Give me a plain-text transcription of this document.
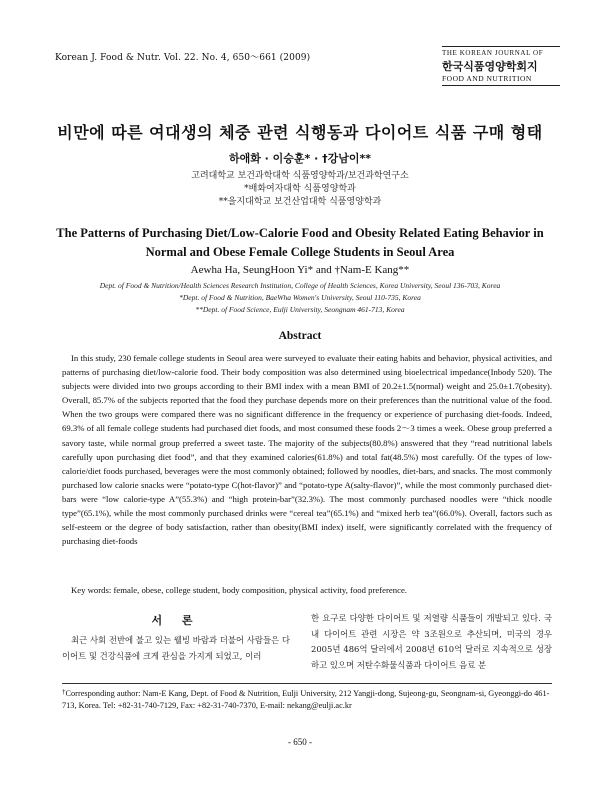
Korean J. Food & Nutr. Vol. 22. No. 4, 650～661 (2009)	THE KOREAN JOURNAL OF
한국식품영양학회지
FOOD AND NUTRITION
비만에 따른 여대생의 체중 관련 식행동과 다이어트 식품 구매 형태
하애화 · 이승훈* · †강남이**
고려대학교 보건과학대학 식품영양학과/보건과학연구소
*배화여자대학 식품영양학과
**을지대학교 보건산업대학 식품영양학과
The Patterns of Purchasing Diet/Low-Calorie Food and Obesity Related Eating Behavior in Normal and Obese Female College Students in Seoul Area
Aewha Ha, SeungHoon Yi* and †Nam-E Kang**
Dept. of Food & Nutrition/Health Sciences Research Institution, College of Health Sciences, Korea University, Seoul 136-703, Korea
*Dept. of Food & Nutrition, BaeWha Women's University, Seoul 110-735, Korea
**Dept. of Food Science, Eulji University, Seongnam 461-713, Korea
Abstract

In this study, 230 female college students in Seoul area were surveyed to evaluate their eating habits and behavior, physical activities, and patterns of purchasing diet/low-calorie food. Their body composition was also determined using bioelectrical impedance(Inbody 520). The subjects were divided into two groups according to their BMI index with a mean BMI of 20.2±1.5(normal) weight and 25.0±1.7(obesity). Overall, 85.7% of the subjects reported that the food they purchase depends more on their preferences than the nutritional value of the food. When the two groups were compared there was no significant difference in the frequency or experience of purchasing diet-foods. Indeed, 69.3% of all female college students had purchased diet foods, and most consumed these foods 2～3 times a week. Obese group preferred a savory taste, while normal group preferred a sweet taste. The majority of the subjects(80.8%) answered that they “read nutritional labels carefully upon purchasing diet food”, and that they examined calories(61.8%) and total fat(48.5%) most carefully. Of the types of low-calorie/diet foods purchased, beverages were the most commonly obtained; followed by noodles, diet-bars, and snacks. The most commonly purchased low calorie snacks were “potato-type C(hot-flavor)” and “potato-type A(salty-flavor)”, while the most commonly purchased diet-bars were “low calorie-type A”(55.3%) and “high protein-bar”(32.3%). The most commonly purchased noodles were “thick noodle type”(65.1%), while the most commonly purchased drinks were “cereal tea”(65.1%) and “mixed herb tea”(66.0%). Overall, factors such as self-esteem or the degree of body satisfaction, rather than obesity(BMI index) itself, were significantly correlated with the frequency of purchasing diet-foods

Key words: female, obese, college student, body composition, physical activity, food preference.

서 론

최근 사회 전반에 불고 있는 웰빙 바람과 더불어 사람들은 다이어트 및 건강식품에 크게 관심을 가지게 되었고, 이러

한 요구로 다양한 다이어트 및 저열량 식품들이 개발되고 있다. 국내 다이어트 관련 시장은 약 3조원으로 추산되며, 미국의 경우 2005년 486억 달러에서 2008년 610억 달러로 지속적으로 성장하고 있으며 저탄수화물식품과 다이어트 음료 분

†Corresponding author: Nam-E Kang, Dept. of Food & Nutrition, Eulji University, 212 Yangji-dong, Sujeong-gu, Seongnam-si, Gyeonggi-do 461-713, Korea. Tel: +82-31-740-7129, Fax: +82-31-740-7370, E-mail: nekang@eulji.ac.kr

- 650 -
